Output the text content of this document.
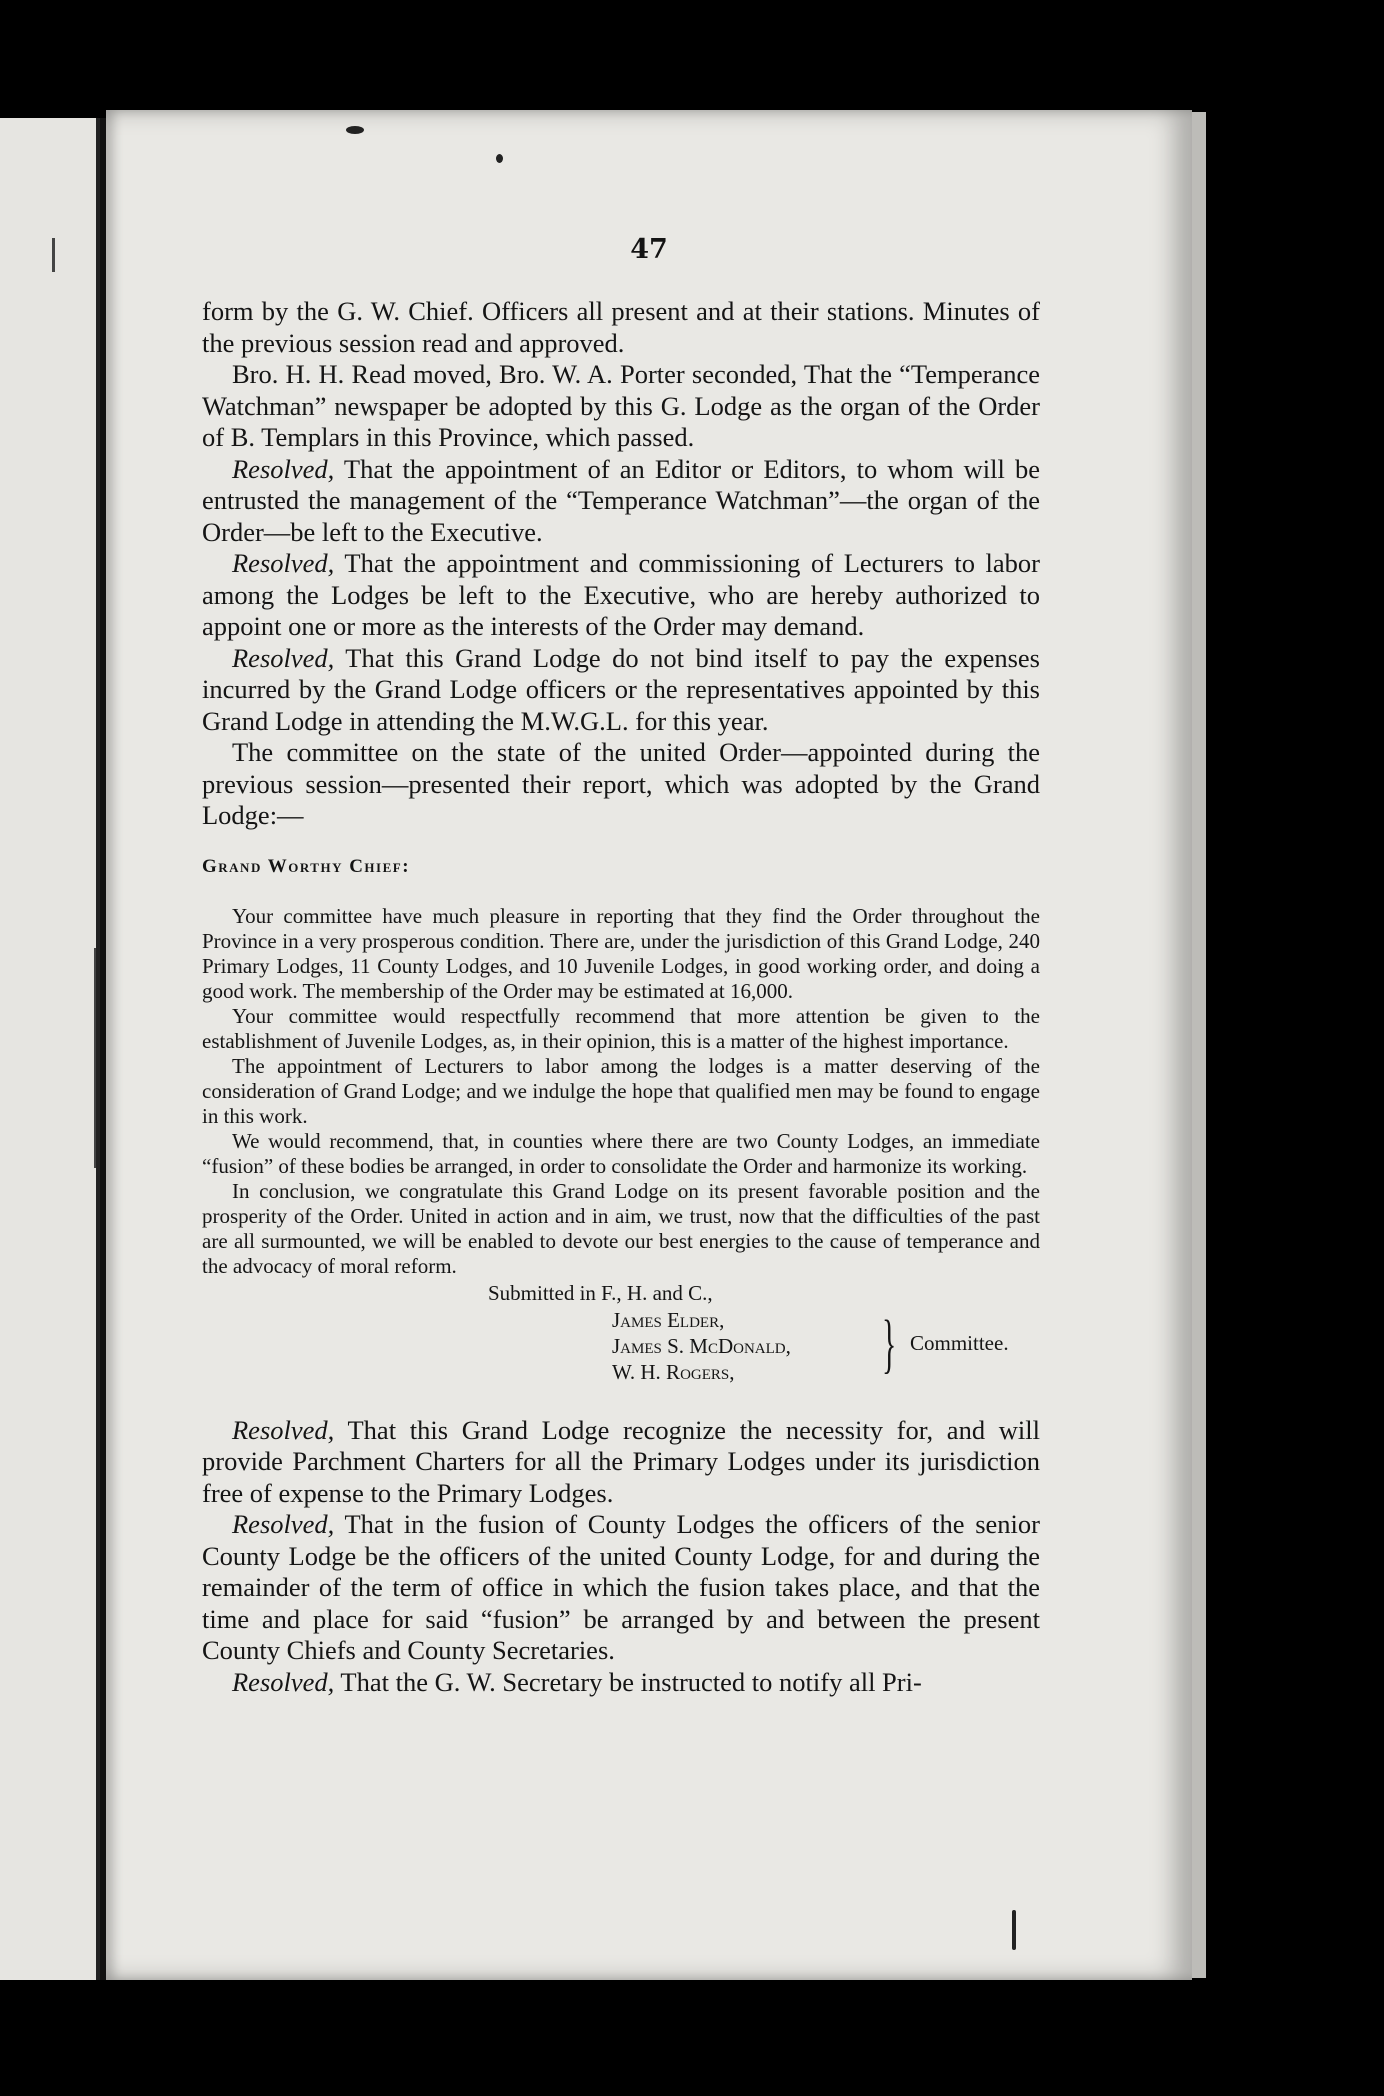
47

form by the G. W. Chief. Officers all present and at their stations. Minutes of the previous session read and approved.

Bro. H. H. Read moved, Bro. W. A. Porter seconded, That the “Temperance Watchman” newspaper be adopted by this G. Lodge as the organ of the Order of B. Templars in this Province, which passed.

Resolved, That the appointment of an Editor or Editors, to whom will be entrusted the management of the “Temperance Watchman”—the organ of the Order—be left to the Executive.

Resolved, That the appointment and commissioning of Lecturers to labor among the Lodges be left to the Executive, who are hereby authorized to appoint one or more as the interests of the Order may demand.

Resolved, That this Grand Lodge do not bind itself to pay the expenses incurred by the Grand Lodge officers or the representatives appointed by this Grand Lodge in attending the M.W.G.L. for this year.

The committee on the state of the united Order—appointed during the previous session—presented their report, which was adopted by the Grand Lodge:—

Grand Worthy Chief:

Your committee have much pleasure in reporting that they find the Order throughout the Province in a very prosperous condition. There are, under the jurisdiction of this Grand Lodge, 240 Primary Lodges, 11 County Lodges, and 10 Juvenile Lodges, in good working order, and doing a good work. The membership of the Order may be estimated at 16,000.

Your committee would respectfully recommend that more attention be given to the establishment of Juvenile Lodges, as, in their opinion, this is a matter of the highest importance.

The appointment of Lecturers to labor among the lodges is a matter deserving of the consideration of Grand Lodge; and we indulge the hope that qualified men may be found to engage in this work.

We would recommend, that, in counties where there are two County Lodges, an immediate “fusion” of these bodies be arranged, in order to consolidate the Order and harmonize its working.

In conclusion, we congratulate this Grand Lodge on its present favorable position and the prosperity of the Order. United in action and in aim, we trust, now that the difficulties of the past are all surmounted, we will be enabled to devote our best energies to the cause of temperance and the advocacy of moral reform.

Submitted in F., H. and C.,
James Elder,
James S. McDonald,
W. H. Rogers,	} Committee.

Resolved, That this Grand Lodge recognize the necessity for, and will provide Parchment Charters for all the Primary Lodges under its jurisdiction free of expense to the Primary Lodges.

Resolved, That in the fusion of County Lodges the officers of the senior County Lodge be the officers of the united County Lodge, for and during the remainder of the term of office in which the fusion takes place, and that the time and place for said “fusion” be arranged by and between the present County Chiefs and County Secretaries.

Resolved, That the G. W. Secretary be instructed to notify all Pri-
